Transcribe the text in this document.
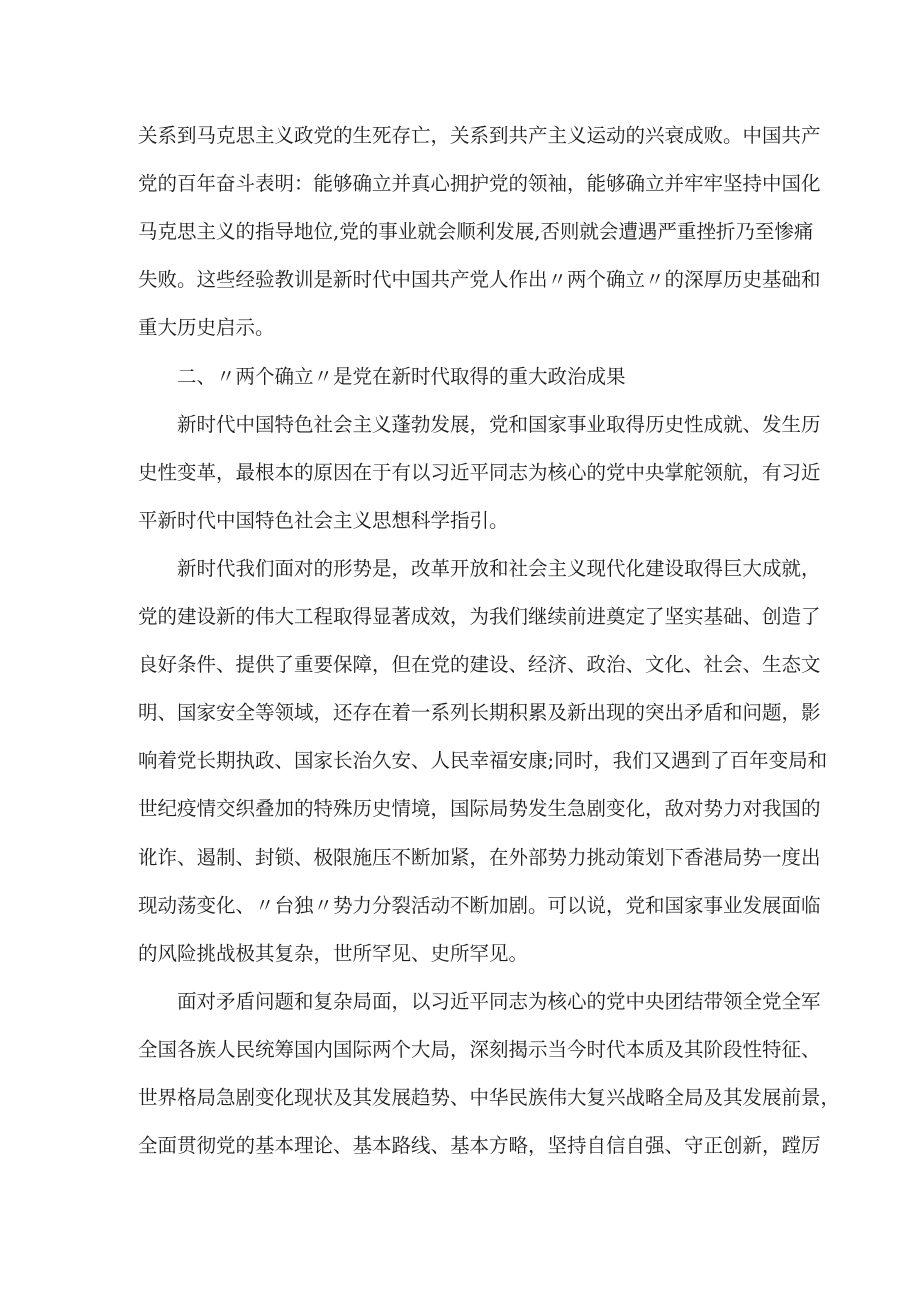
关系到马克思主义政党的生死存亡，关系到共产主义运动的兴衰成败。中国共产
党的百年奋斗表明：能够确立并真心拥护党的领袖，能够确立并牢牢坚持中国化
马克思主义的指导地位,党的事业就会顺利发展,否则就会遭遇严重挫折乃至惨痛
失败。这些经验教训是新时代中国共产党人作出〃两个确立〃的深厚历史基础和
重大历史启示。
二、〃两个确立〃是党在新时代取得的重大政治成果
新时代中国特色社会主义蓬勃发展，党和国家事业取得历史性成就、发生历
史性变革，最根本的原因在于有以习近平同志为核心的党中央掌舵领航，有习近
平新时代中国特色社会主义思想科学指引。
新时代我们面对的形势是，改革开放和社会主义现代化建设取得巨大成就，
党的建设新的伟大工程取得显著成效，为我们继续前进奠定了坚实基础、创造了
良好条件、提供了重要保障，但在党的建设、经济、政治、文化、社会、生态文
明、国家安全等领域，还存在着一系列长期积累及新出现的突出矛盾和问题，影
响着党长期执政、国家长治久安、人民幸福安康;同时，我们又遇到了百年变局和
世纪疫情交织叠加的特殊历史情境，国际局势发生急剧变化，敌对势力对我国的
讹诈、遏制、封锁、极限施压不断加紧，在外部势力挑动策划下香港局势一度出
现动荡变化、〃台独〃势力分裂活动不断加剧。可以说，党和国家事业发展面临
的风险挑战极其复杂，世所罕见、史所罕见。
面对矛盾问题和复杂局面，以习近平同志为核心的党中央团结带领全党全军
全国各族人民统筹国内国际两个大局，深刻揭示当今时代本质及其阶段性特征、
世界格局急剧变化现状及其发展趋势、中华民族伟大复兴战略全局及其发展前景，
全面贯彻党的基本理论、基本路线、基本方略，坚持自信自强、守正创新，蹚厉
